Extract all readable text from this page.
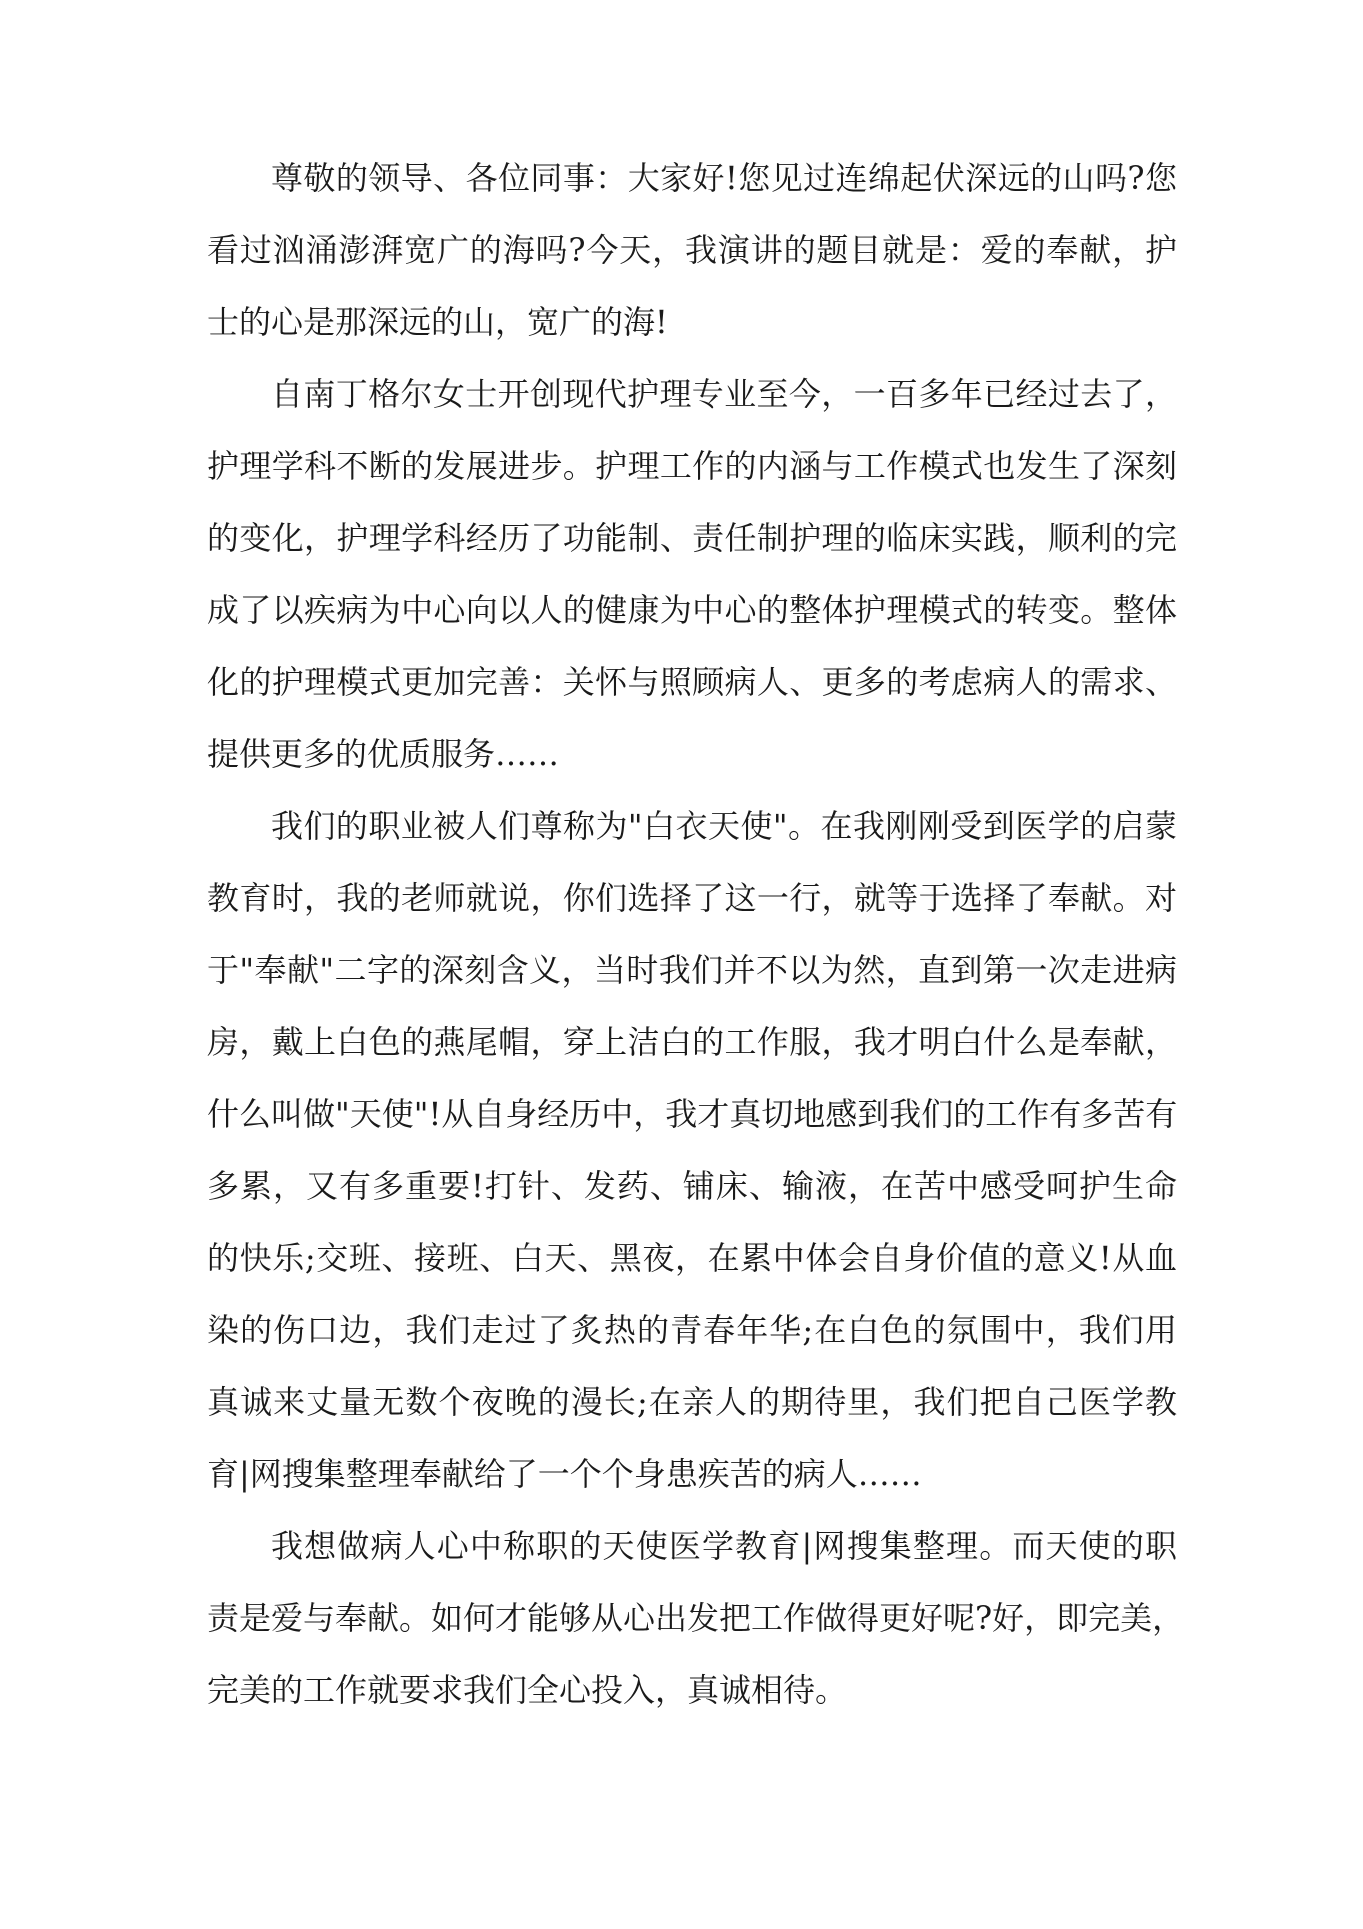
尊敬的领导、各位同事：大家好!您见过连绵起伏深远的山吗?您
看过汹涌澎湃宽广的海吗?今天，我演讲的题目就是：爱的奉献，护
士的心是那深远的山，宽广的海!
自南丁格尔女士开创现代护理专业至今，一百多年已经过去了，
护理学科不断的发展进步。护理工作的内涵与工作模式也发生了深刻
的变化，护理学科经历了功能制、责任制护理的临床实践，顺利的完
成了以疾病为中心向以人的健康为中心的整体护理模式的转变。整体
化的护理模式更加完善：关怀与照顾病人、更多的考虑病人的需求、
提供更多的优质服务……
我们的职业被人们尊称为"白衣天使"。在我刚刚受到医学的启蒙
教育时，我的老师就说，你们选择了这一行，就等于选择了奉献。对
于"奉献"二字的深刻含义，当时我们并不以为然，直到第一次走进病
房，戴上白色的燕尾帽，穿上洁白的工作服，我才明白什么是奉献，
什么叫做"天使"!从自身经历中，我才真切地感到我们的工作有多苦有
多累，又有多重要!打针、发药、铺床、输液，在苦中感受呵护生命
的快乐;交班、接班、白天、黑夜，在累中体会自身价值的意义!从血
染的伤口边，我们走过了炙热的青春年华;在白色的氛围中，我们用
真诚来丈量无数个夜晚的漫长;在亲人的期待里，我们把自己医学教
育|网搜集整理奉献给了一个个身患疾苦的病人……
我想做病人心中称职的天使医学教育|网搜集整理。而天使的职
责是爱与奉献。如何才能够从心出发把工作做得更好呢?好，即完美，
完美的工作就要求我们全心投入，真诚相待。
